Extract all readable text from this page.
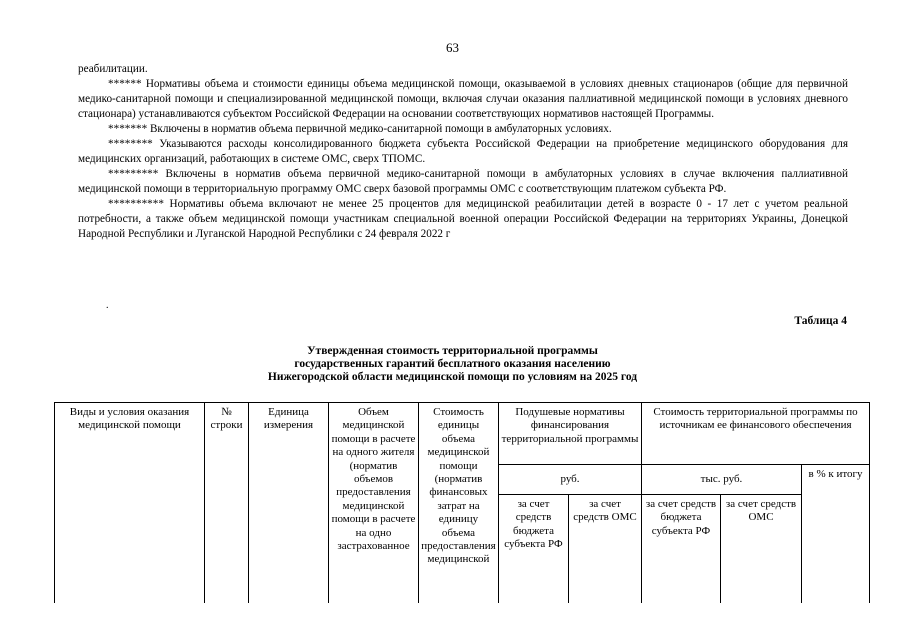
63

реабилитации.

****** Нормативы объема и стоимости единицы объема медицинской помощи, оказываемой в условиях дневных стационаров (общие для первичной медико-санитарной помощи и специализированной медицинской помощи, включая случаи оказания паллиативной медицинской помощи в условиях дневного стационара) устанавливаются субъектом Российской Федерации на основании соответствующих нормативов настоящей Программы.

******* Включены в норматив объема первичной медико-санитарной помощи в амбулаторных условиях.

******** Указываются расходы консолидированного бюджета субъекта Российской Федерации на приобретение медицинского оборудования для медицинских организаций, работающих в системе ОМС, сверх ТПОМС.

********* Включены в норматив объема первичной медико-санитарной помощи в амбулаторных условиях в случае включения паллиативной медицинской помощи в территориальную программу ОМС сверх базовой программы ОМС с соответствующим платежом субъекта РФ.

********** Нормативы объема включают не менее 25 процентов для медицинской реабилитации детей в возрасте 0 - 17 лет с учетом реальной потребности, а также объем медицинской помощи участникам специальной военной операции Российской Федерации на территориях Украины, Донецкой Народной Республики и Луганской Народной Республики с 24 февраля 2022 г

.
Таблица 4
Утвержденная стоимость территориальной программы
государственных гарантий бесплатного оказания населению
Нижегородской области медицинской помощи по условиям на 2025 год
Виды и условия оказания медицинской помощи	№ строки	Единица измерения	Объем медицинской помощи в расчете на одного жителя (норматив объемов предоставления медицинской помощи в расчете на одно застрахованное	Стоимость единицы объема медицинской помощи (норматив финансовых затрат на единицу объема предоставления медицинской	Подушевые нормативы финансирования территориальной программы		Стоимость территориальной программы по источникам ее финансового обеспечения		
					руб.		тыс. руб.		в % к итогу
					за счет средств бюджета субъекта РФ	за счет средств ОМС	за счет средств бюджета субъекта РФ	за счет средств ОМС	
